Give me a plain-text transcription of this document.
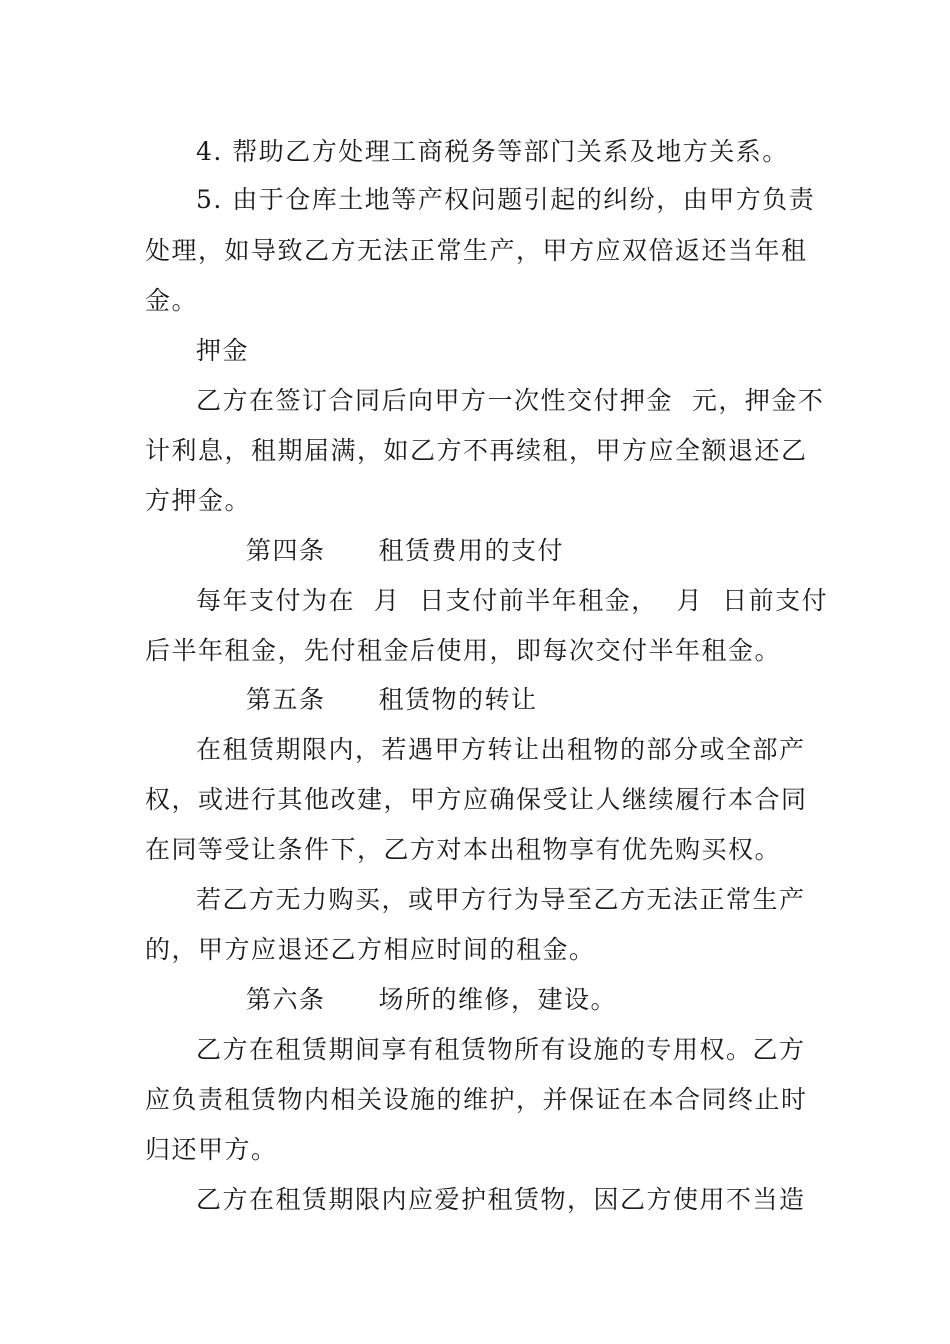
4. 帮助乙方处理工商税务等部门关系及地方关系。
5. 由于仓库土地等产权问题引起的纠纷，由甲方负责
处理，如导致乙方无法正常生产，甲方应双倍返还当年租
金。
押金
乙方在签订合同后向甲方一次性交付押金  元，押金不
计利息，租期届满，如乙方不再续租，甲方应全额退还乙
方押金。
第四条　　租赁费用的支付
每年支付为在  月  日支付前半年租金，  月  日前支付
后半年租金，先付租金后使用，即每次交付半年租金。
第五条　　租赁物的转让
在租赁期限内，若遇甲方转让出租物的部分或全部产
权，或进行其他改建，甲方应确保受让人继续履行本合同
在同等受让条件下，乙方对本出租物享有优先购买权。
若乙方无力购买，或甲方行为导至乙方无法正常生产
的，甲方应退还乙方相应时间的租金。
第六条　　场所的维修，建设。
乙方在租赁期间享有租赁物所有设施的专用权。乙方
应负责租赁物内相关设施的维护，并保证在本合同终止时
归还甲方。
乙方在租赁期限内应爱护租赁物，因乙方使用不当造
